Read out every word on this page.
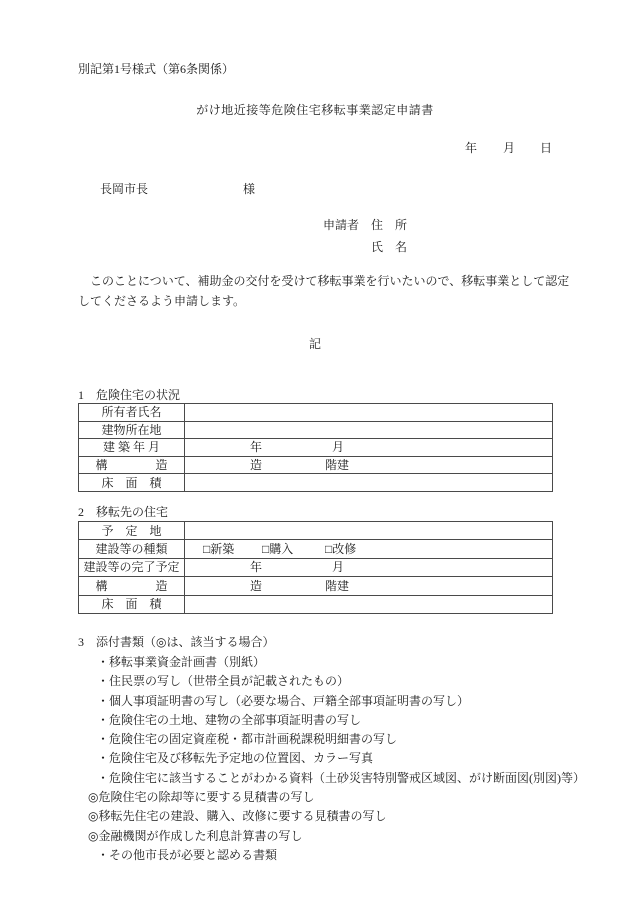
別記第1号様式（第6条関係）
がけ地近接等危険住宅移転事業認定申請書
年 月 日
長岡市長	様
申請者　住　所
氏　名
　このことについて、補助金の交付を受けて移転事業を行いたいので、移転事業として認定
してくださるよう申請します。
記
1　危険住宅の状況
所有者氏名	
建物所在地	
建 築 年 月	年 月

構　　　　造	造 階建

床　面　積	
2　移転先の住宅
予　定　地	
建設等の種類	□新築 □購入 □改修

建設等の完了予定	年 月

構　　　　造	造 階建

床　面　積	
3　添付書類（◎は、該当する場合）
・移転事業資金計画書（別紙）
・住民票の写し（世帯全員が記載されたもの）
・個人事項証明書の写し（必要な場合、戸籍全部事項証明書の写し）
・危険住宅の土地、建物の全部事項証明書の写し
・危険住宅の固定資産税・都市計画税課税明細書の写し
・危険住宅及び移転先予定地の位置図、カラー写真
・危険住宅に該当することがわかる資料（土砂災害特別警戒区域図、がけ断面図(別図)等）
◎危険住宅の除却等に要する見積書の写し
◎移転先住宅の建設、購入、改修に要する見積書の写し
◎金融機関が作成した利息計算書の写し
・その他市長が必要と認める書類
